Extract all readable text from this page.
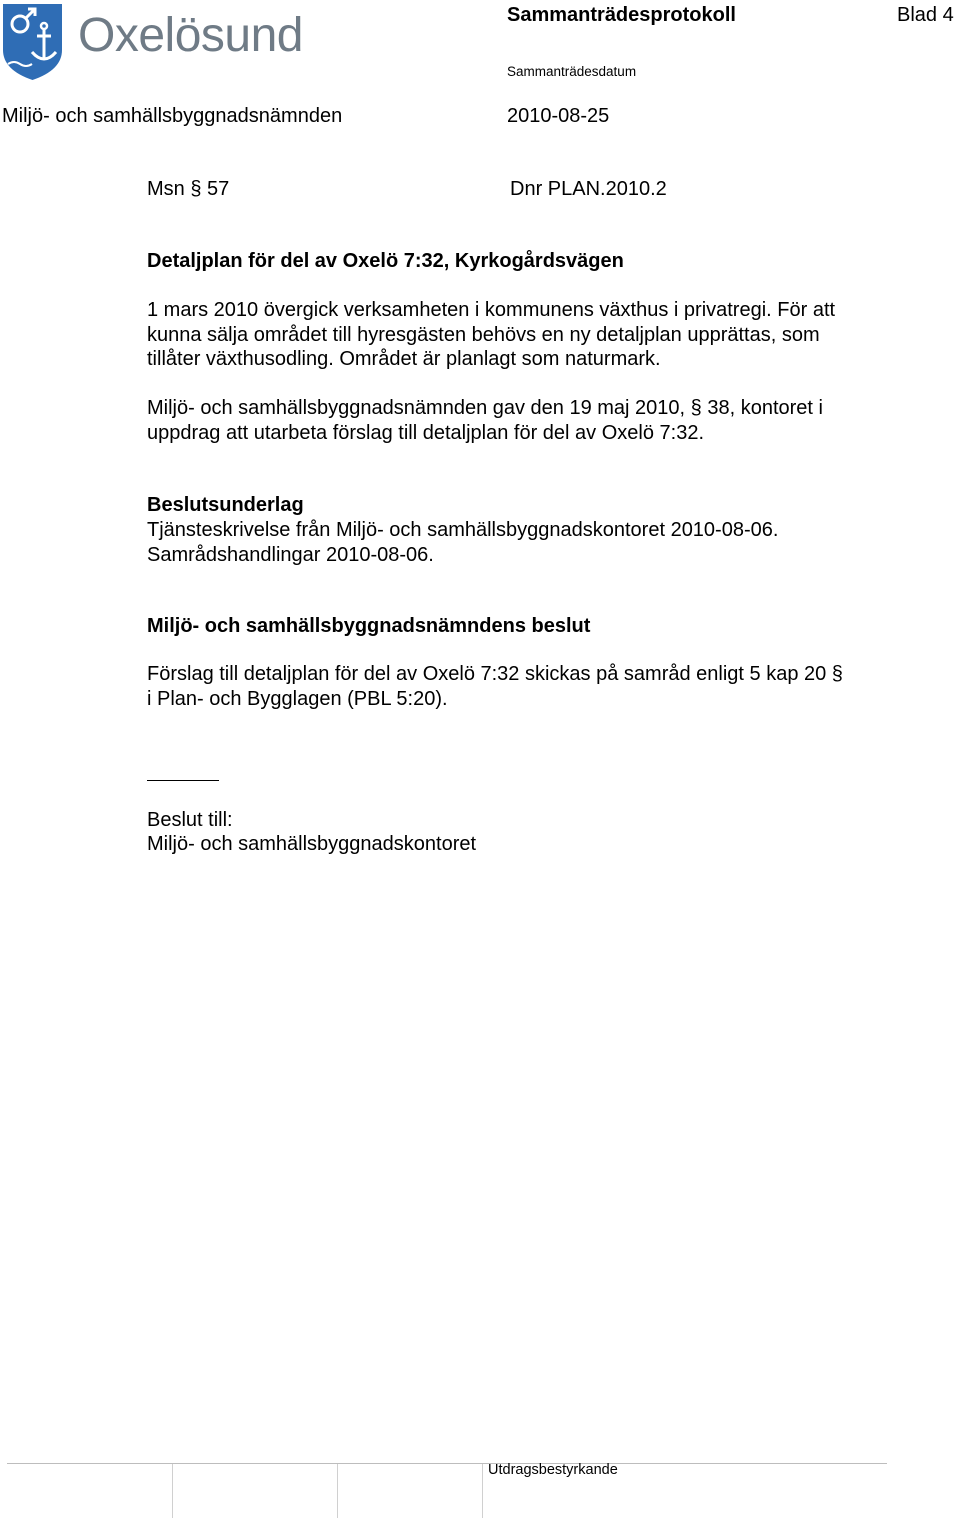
Oxelösund	Sammanträdesprotokoll	Blad 4
Sammanträdesdatum
Miljö- och samhällsbyggnadsnämnden	2010-08-25
Msn § 57	Dnr PLAN.2010.2
Detaljplan för del av Oxelö 7:32, Kyrkogårdsvägen
1 mars 2010 övergick verksamheten i kommunens växthus i privatregi. För att
kunna sälja området till hyresgästen behövs en ny detaljplan upprättas, som
tillåter växthusodling. Området är planlagt som naturmark.
Miljö- och samhällsbyggnadsnämnden gav den 19 maj 2010, § 38, kontoret i
uppdrag att utarbeta förslag till detaljplan för del av Oxelö 7:32.
Beslutsunderlag
Tjänsteskrivelse från Miljö- och samhällsbyggnadskontoret 2010-08-06.
Samrådshandlingar 2010-08-06.
Miljö- och samhällsbyggnadsnämndens beslut
Förslag till detaljplan för del av Oxelö 7:32 skickas på samråd enligt 5 kap 20 §
i Plan- och Bygglagen (PBL 5:20).
Beslut till:
Miljö- och samhällsbyggnadskontoret
Utdragsbestyrkande
